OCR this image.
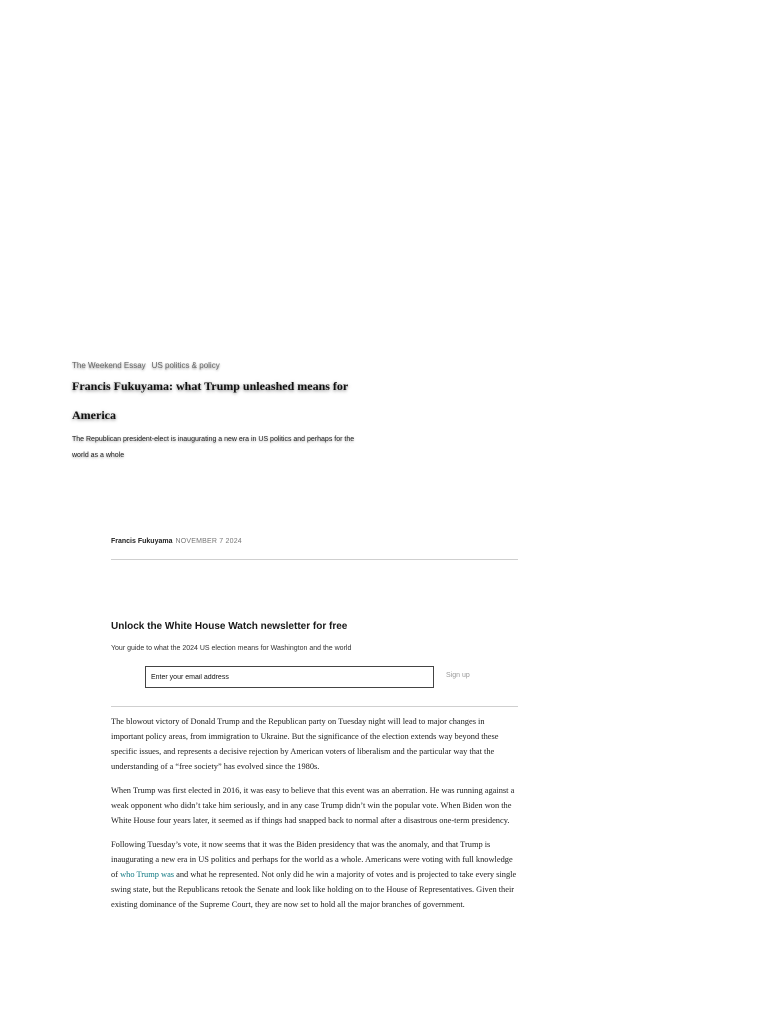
The Weekend Essay US politics & policy
Francis Fukuyama: what Trump unleashed means for America

The Republican president-elect is inaugurating a new era in US politics and perhaps for the world as a whole

Francis Fukuyama NOVEMBER 7 2024
Unlock the White House Watch newsletter for free

Your guide to what the 2024 US election means for Washington and the world

Enter your email address
Sign up

The blowout victory of Donald Trump and the Republican party on Tuesday night will lead to major changes in important policy areas, from immigration to Ukraine. But the significance of the election extends way beyond these specific issues, and represents a decisive rejection by American voters of liberalism and the particular way that the understanding of a “free society” has evolved since the 1980s.

When Trump was first elected in 2016, it was easy to believe that this event was an aberration. He was running against a weak opponent who didn’t take him seriously, and in any case Trump didn’t win the popular vote. When Biden won the White House four years later, it seemed as if things had snapped back to normal after a disastrous one-term presidency.

Following Tuesday’s vote, it now seems that it was the Biden presidency that was the anomaly, and that Trump is inaugurating a new era in US politics and perhaps for the world as a whole. Americans were voting with full knowledge of who Trump was and what he represented. Not only did he win a majority of votes and is projected to take every single swing state, but the Republicans retook the Senate and look like holding on to the House of Representatives. Given their existing dominance of the Supreme Court, they are now set to hold all the major branches of government.
